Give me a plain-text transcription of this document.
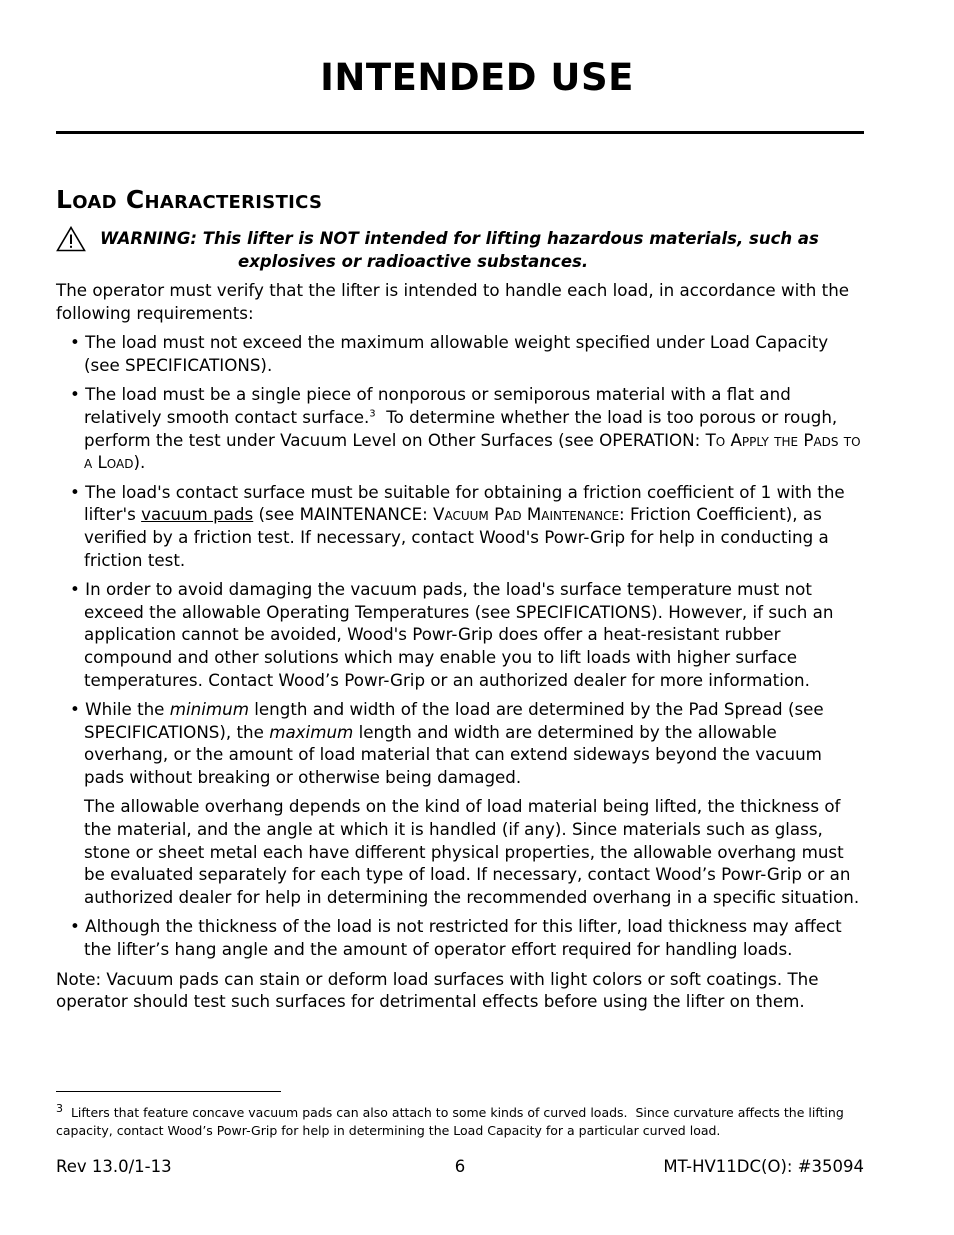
INTENDED USE
Load Characteristics
WARNING: This lifter is NOT intended for lifting hazardous materials, such as
explosives or radioactive substances.

The operator must verify that the lifter is intended to handle each load, in accordance with the following requirements:

• The load must not exceed the maximum allowable weight specified under Load Capacity (see SPECIFICATIONS).

• The load must be a single piece of nonporous or semiporous material with a flat and relatively smooth contact surface.$^3$  To determine whether the load is too porous or rough, perform the test under Vacuum Level on Other Surfaces (see OPERATION: To Apply the Pads to a Load).

• The load's contact surface must be suitable for obtaining a friction coefficient of 1 with the lifter's vacuum pads (see MAINTENANCE: Vacuum Pad Maintenance: Friction Coefficient), as verified by a friction test. If necessary, contact Wood's Powr-Grip for help in conducting a friction test.

• In order to avoid damaging the vacuum pads, the load's surface temperature must not exceed the allowable Operating Temperatures (see SPECIFICATIONS). However, if such an application cannot be avoided, Wood's Powr-Grip does offer a heat-resistant rubber compound and other solutions which may enable you to lift loads with higher surface temperatures. Contact Wood’s Powr-Grip or an authorized dealer for more information.

• While the minimum length and width of the load are determined by the Pad Spread (see SPECIFICATIONS), the maximum length and width are determined by the allowable overhang, or the amount of load material that can extend sideways beyond the vacuum pads without breaking or otherwise being damaged.

The allowable overhang depends on the kind of load material being lifted, the thickness of the material, and the angle at which it is handled (if any). Since materials such as glass, stone or sheet metal each have different physical properties, the allowable overhang must be evaluated separately for each type of load. If necessary, contact Wood’s Powr-Grip or an authorized dealer for help in determining the recommended overhang in a specific situation.

• Although the thickness of the load is not restricted for this lifter, load thickness may affect the lifter’s hang angle and the amount of operator effort required for handling loads.

Note: Vacuum pads can stain or deform load surfaces with light colors or soft coatings. The operator should test such surfaces for detrimental effects before using the lifter on them.

$^3$  Lifters that feature concave vacuum pads can also attach to some kinds of curved loads.  Since curvature affects the lifting capacity, contact Wood’s Powr-Grip for help in determining the Load Capacity for a particular curved load.
Rev 13.0/1-13	6	MT-HV11DC(O): #35094
